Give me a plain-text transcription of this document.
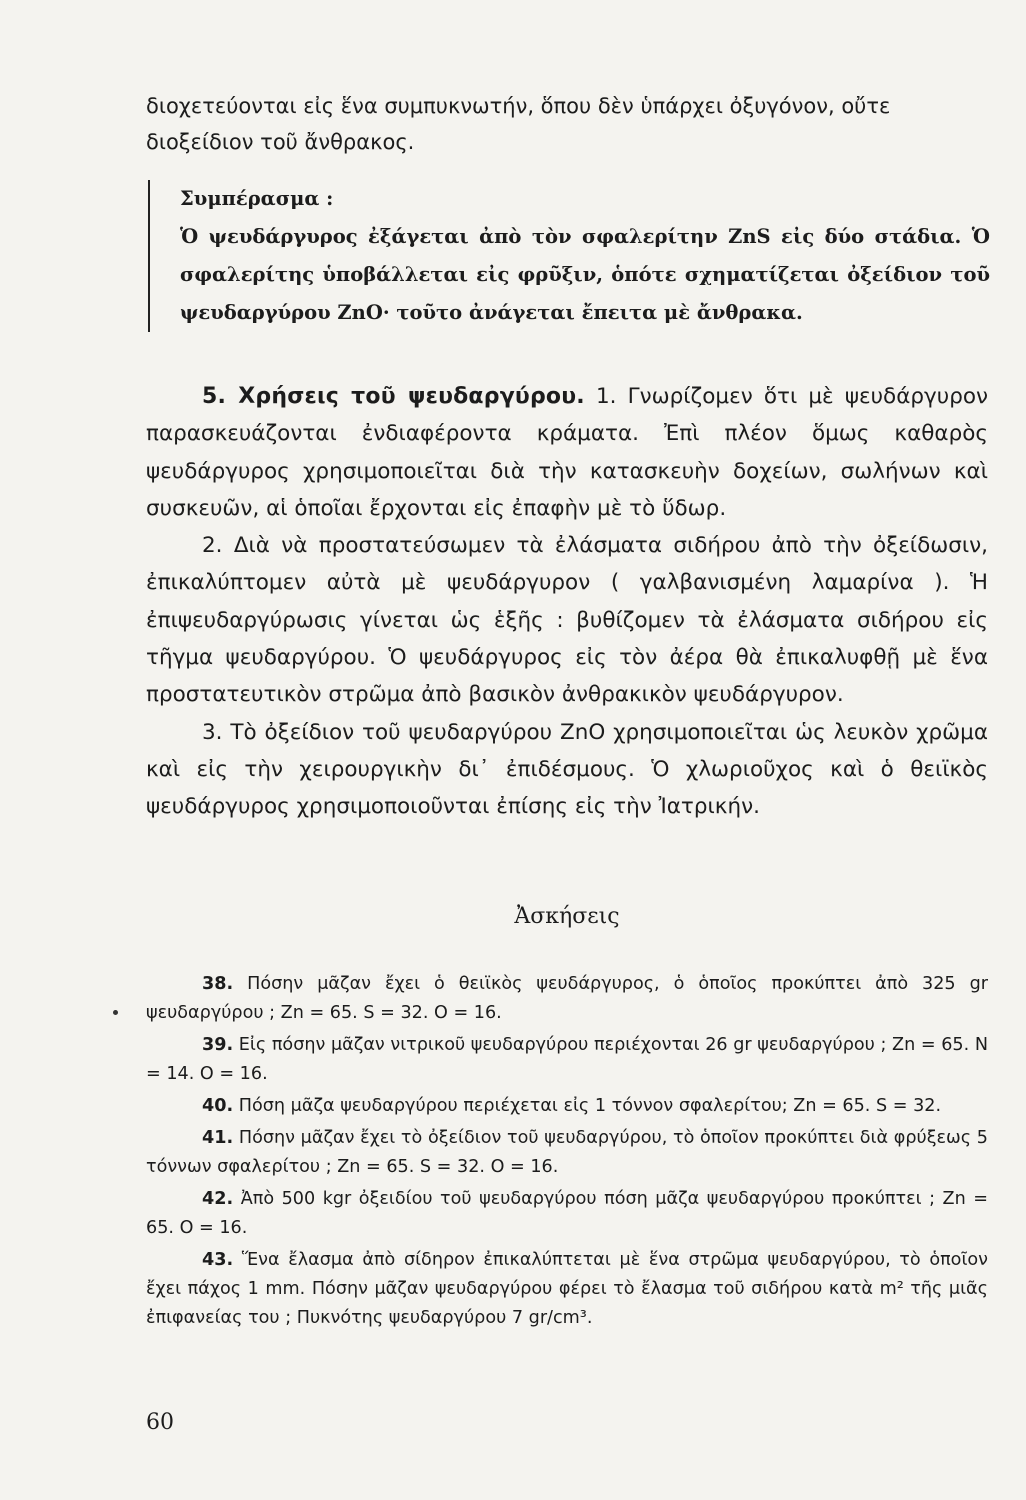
διοχετεύονται εἰς ἕνα συμπυκνωτήν, ὅπου δὲν ὑπάρχει ὀξυγόνον, οὔτε διοξείδιον τοῦ ἄνθρακος.
Συμπέρασμα :
Ὁ ψευδάργυρος ἐξάγεται ἀπὸ τὸν σφαλερίτην ZnS εἰς δύο στάδια. Ὁ σφαλερίτης ὑποβάλλεται εἰς φρῦξιν, ὁπότε σχηματίζεται ὀξείδιον τοῦ ψευδαργύρου ZnO· τοῦτο ἀνάγεται ἔπειτα μὲ ἄνθρακα.

5. Χρήσεις τοῦ ψευδαργύρου. 1. Γνωρίζομεν ὅτι μὲ ψευδάργυρον παρασκευάζονται ἐνδιαφέροντα κράματα. Ἐπὶ πλέον ὅμως καθαρὸς ψευδάργυρος χρησιμοποιεῖται διὰ τὴν κατασκευὴν δοχείων, σωλήνων καὶ συσκευῶν, αἱ ὁποῖαι ἔρχονται εἰς ἐπαφὴν μὲ τὸ ὕδωρ.

2. Διὰ νὰ προστατεύσωμεν τὰ ἐλάσματα σιδήρου ἀπὸ τὴν ὀξείδωσιν, ἐπικαλύπτομεν αὐτὰ μὲ ψευδάργυρον ( γαλβανισμένη λαμαρίνα ). Ἡ ἐπιψευδαργύρωσις γίνεται ὡς ἑξῆς : βυθίζομεν τὰ ἐλάσματα σιδήρου εἰς τῆγμα ψευδαργύρου. Ὁ ψευδάργυρος εἰς τὸν ἀέρα θὰ ἐπικαλυφθῇ μὲ ἕνα προστατευτικὸν στρῶμα ἀπὸ βασικὸν ἀνθρακικὸν ψευδάργυρον.

3. Τὸ ὀξείδιον τοῦ ψευδαργύρου ZnO χρησιμοποιεῖται ὡς λευκὸν χρῶμα καὶ εἰς τὴν χειρουργικὴν δι᾿ ἐπιδέσμους. Ὁ χλωριοῦχος καὶ ὁ θειϊκὸς ψευδάργυρος χρησιμοποιοῦνται ἐπίσης εἰς τὴν Ἰατρικήν.

Ἀσκήσεις

38. Πόσην μᾶζαν ἔχει ὁ θειϊκὸς ψευδάργυρος, ὁ ὁποῖος προκύπτει ἀπὸ 325 gr ψευδαργύρου ; Zn = 65. S = 32. O = 16.

39. Εἰς πόσην μᾶζαν νιτρικοῦ ψευδαργύρου περιέχονται 26 gr ψευδαργύρου ; Zn = 65. N = 14. O = 16.

40. Πόση μᾶζα ψευδαργύρου περιέχεται εἰς 1 τόννον σφαλερίτου; Zn = 65. S = 32.

41. Πόσην μᾶζαν ἔχει τὸ ὀξείδιον τοῦ ψευδαργύρου, τὸ ὁποῖον προκύπτει διὰ φρύξεως 5 τόννων σφαλερίτου ; Zn = 65. S = 32. O = 16.

42. Ἀπὸ 500 kgr ὀξειδίου τοῦ ψευδαργύρου πόση μᾶζα ψευδαργύρου προκύπτει ; Zn = 65. O = 16.

43. Ἕνα ἔλασμα ἀπὸ σίδηρον ἐπικαλύπτεται μὲ ἕνα στρῶμα ψευδαργύρου, τὸ ὁποῖον ἔχει πάχος 1 mm. Πόσην μᾶζαν ψευδαργύρου φέρει τὸ ἔλασμα τοῦ σιδήρου κατὰ m² τῆς μιᾶς ἐπιφανείας του ; Πυκνότης ψευδαργύρου 7 gr/cm³.

60
